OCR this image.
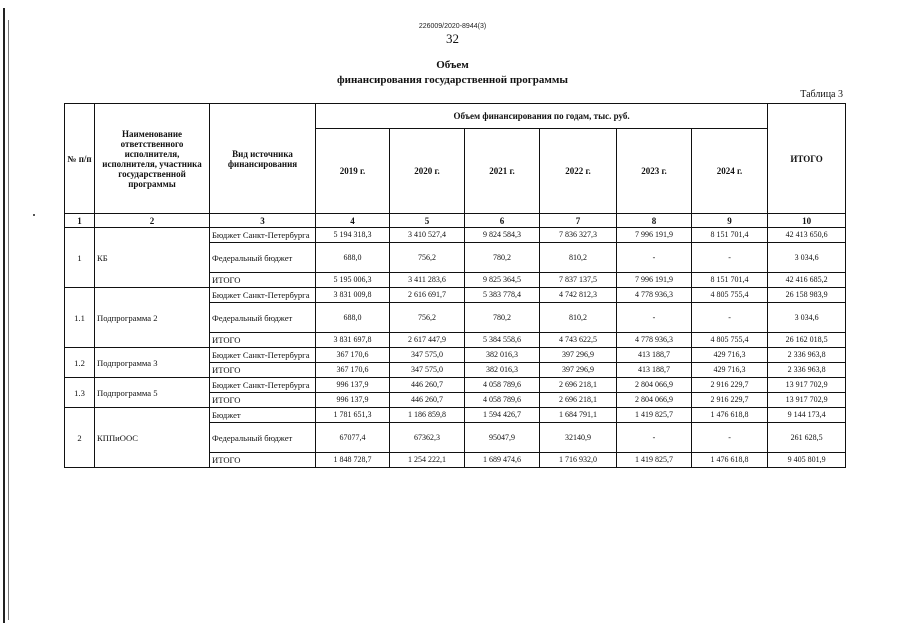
226009/2020-8944(3)
32
Объем
финансирования государственной программы
Таблица 3
№ п/п	Наименование ответственного исполнителя, исполнителя, участника государственной программы	Вид источника финансирования	Объем финансирования по годам, тыс. руб.						ИТОГО
			2019 г.	2020 г.	2021 г.	2022 г.	2023 г.	2024 г.	
1	2	3	4	5	6	7	8	9	10
1	КБ	Бюджет Санкт-Петербурга	5 194 318,3	3 410 527,4	9 824 584,3	7 836 327,3	7 996 191,9	8 151 701,4	42 413 650,6
		Федеральный бюджет	688,0	756,2	780,2	810,2	-	-	3 034,6
		ИТОГО	5 195 006,3	3 411 283,6	9 825 364,5	7 837 137,5	7 996 191,9	8 151 701,4	42 416 685,2
1.1	Подпрограмма 2	Бюджет Санкт-Петербурга	3 831 009,8	2 616 691,7	5 383 778,4	4 742 812,3	4 778 936,3	4 805 755,4	26 158 983,9
		Федеральный бюджет	688,0	756,2	780,2	810,2	-	-	3 034,6
		ИТОГО	3 831 697,8	2 617 447,9	5 384 558,6	4 743 622,5	4 778 936,3	4 805 755,4	26 162 018,5
1.2	Подпрограмма 3	Бюджет Санкт-Петербурга	367 170,6	347 575,0	382 016,3	397 296,9	413 188,7	429 716,3	2 336 963,8
		ИТОГО	367 170,6	347 575,0	382 016,3	397 296,9	413 188,7	429 716,3	2 336 963,8
1.3	Подпрограмма 5	Бюджет Санкт-Петербурга	996 137,9	446 260,7	4 058 789,6	2 696 218,1	2 804 066,9	2 916 229,7	13 917 702,9
		ИТОГО	996 137,9	446 260,7	4 058 789,6	2 696 218,1	2 804 066,9	2 916 229,7	13 917 702,9
2	КППиООС	Бюджет	1 781 651,3	1 186 859,8	1 594 426,7	1 684 791,1	1 419 825,7	1 476 618,8	9 144 173,4
		Федеральный бюджет	67077,4	67362,3	95047,9	32140,9	-	-	261 628,5
		ИТОГО	1 848 728,7	1 254 222,1	1 689 474,6	1 716 932,0	1 419 825,7	1 476 618,8	9 405 801,9
